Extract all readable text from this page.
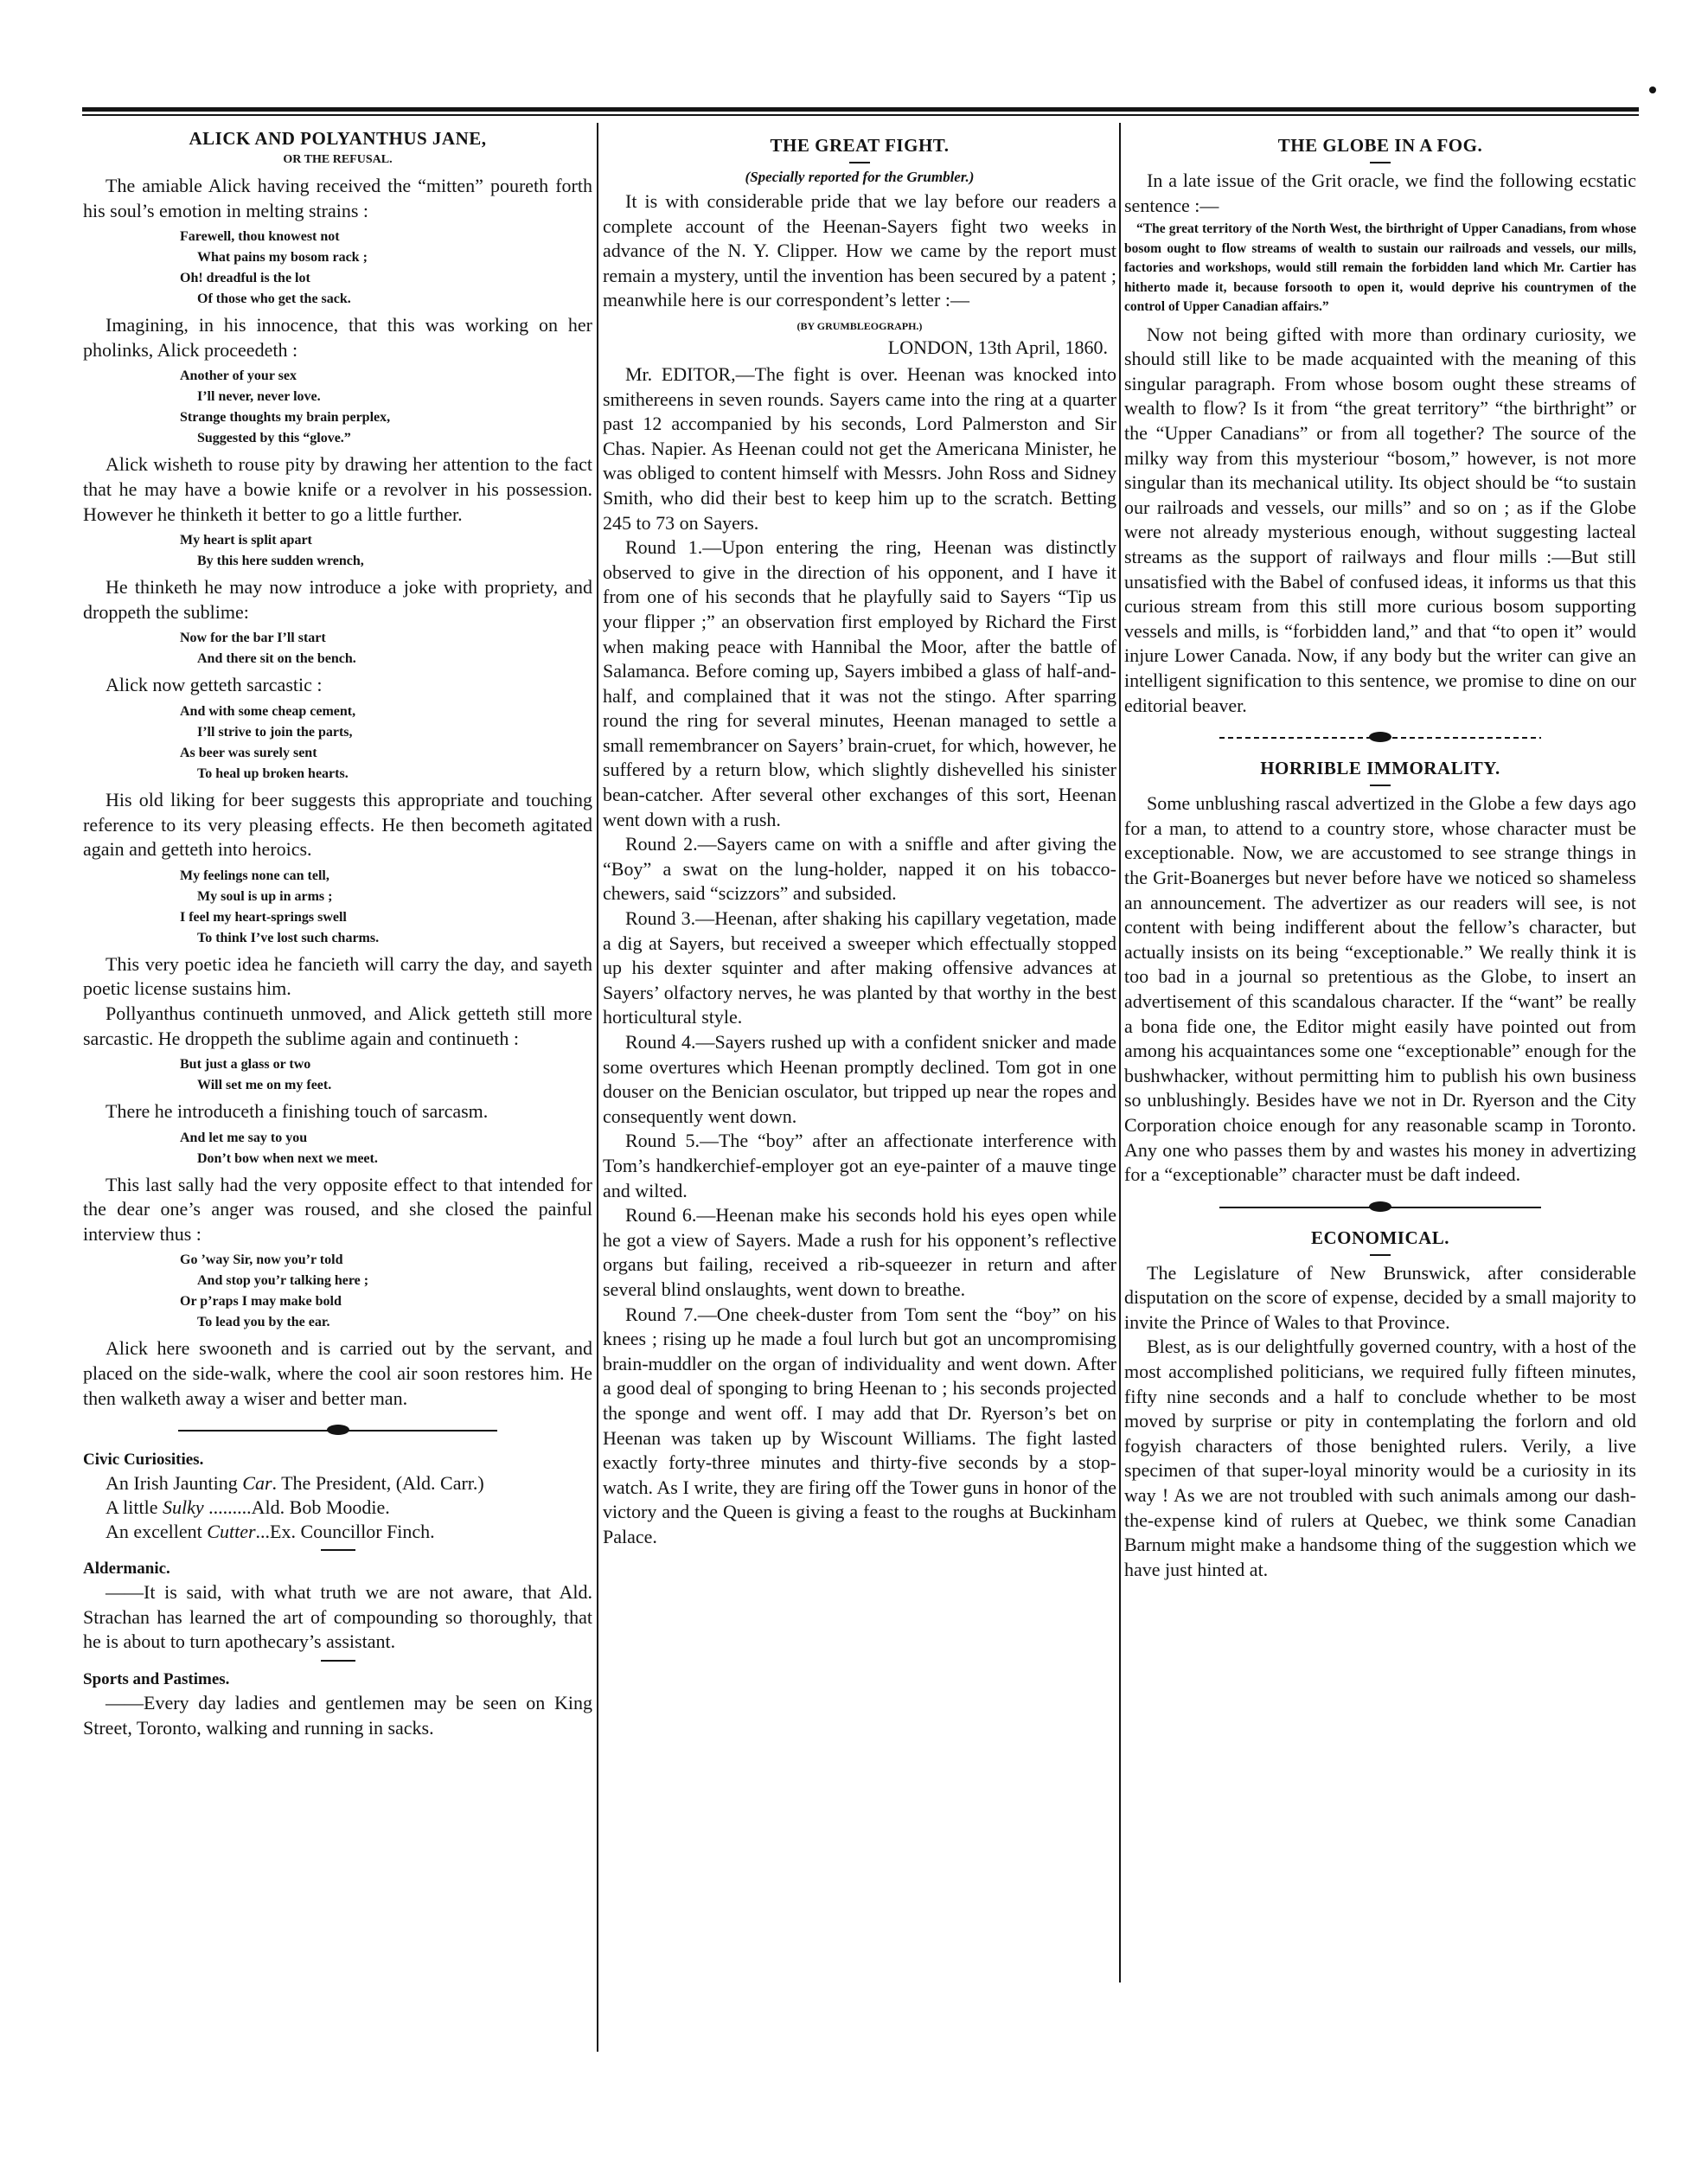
ALICK AND POLYANTHUS JANE,
OR THE REFUSAL.

The amiable Alick having received the “mitten” poureth forth his soul’s emotion in melting strains :

Farewell, thou knowest not
What pains my bosom rack ;
Oh! dreadful is the lot
Of those who get the sack.

Imagining, in his innocence, that this was working on her pholinks, Alick proceedeth :

Another of your sex
I’ll never, never love.
Strange thoughts my brain perplex,
Suggested by this “glove.”

Alick wisheth to rouse pity by drawing her attention to the fact that he may have a bowie knife or a revolver in his possession. However he thinketh it better to go a little further.

My heart is split apart
By this here sudden wrench,

He thinketh he may now introduce a joke with propriety, and droppeth the sublime:

Now for the bar I’ll start
And there sit on the bench.

Alick now getteth sarcastic :

And with some cheap cement,
I’ll strive to join the parts,
As beer was surely sent
To heal up broken hearts.

His old liking for beer suggests this appropriate and touching reference to its very pleasing effects. He then becometh agitated again and getteth into heroics.

My feelings none can tell,
My soul is up in arms ;
I feel my heart-springs swell
To think I’ve lost such charms.

This very poetic idea he fancieth will carry the day, and sayeth poetic license sustains him.

Pollyanthus continueth unmoved, and Alick getteth still more sarcastic. He droppeth the sublime again and continueth :

But just a glass or two
Will set me on my feet.

There he introduceth a finishing touch of sarcasm.

And let me say to you
Don’t bow when next we meet.

This last sally had the very opposite effect to that intended for the dear one’s anger was roused, and she closed the painful interview thus :

Go ’way Sir, now you’r told
And stop you’r talking here ;
Or p’raps I may make bold
To lead you by the ear.

Alick here swooneth and is carried out by the servant, and placed on the side-walk, where the cool air soon restores him. He then walketh away a wiser and better man.

Civic Curiosities.
An Irish Jaunting Car. The President, (Ald. Carr.)
A little Sulky .........Ald. Bob Moodie.
An excellent Cutter...Ex. Councillor Finch.
Aldermanic.

——It is said, with what truth we are not aware, that Ald. Strachan has learned the art of compounding so thoroughly, that he is about to turn apothecary’s assistant.

Sports and Pastimes.

——Every day ladies and gentlemen may be seen on King Street, Toronto, walking and running in sacks.

THE GREAT FIGHT.
(Specially reported for the Grumbler.)

It is with considerable pride that we lay before our readers a complete account of the Heenan-Sayers fight two weeks in advance of the N. Y. Clipper. How we came by the report must remain a mystery, until the invention has been secured by a patent ; meanwhile here is our correspondent’s letter :—

(BY GRUMBLEOGRAPH.)
LONDON, 13th April, 1860.

Mr. EDITOR,—The fight is over. Heenan was knocked into smithereens in seven rounds. Sayers came into the ring at a quarter past 12 accompanied by his seconds, Lord Palmerston and Sir Chas. Napier. As Heenan could not get the Americana Minister, he was obliged to content himself with Messrs. John Ross and Sidney Smith, who did their best to keep him up to the scratch. Betting 245 to 73 on Sayers.

Round 1.—Upon entering the ring, Heenan was distinctly observed to give in the direction of his opponent, and I have it from one of his seconds that he playfully said to Sayers “Tip us your flipper ;” an observation first employed by Richard the First when making peace with Hannibal the Moor, after the battle of Salamanca. Before coming up, Sayers imbibed a glass of half-and-half, and complained that it was not the stingo. After sparring round the ring for several minutes, Heenan managed to settle a small remembrancer on Sayers’ brain-cruet, for which, however, he suffered by a return blow, which slightly dishevelled his sinister bean-catcher. After several other exchanges of this sort, Heenan went down with a rush.

Round 2.—Sayers came on with a sniffle and after giving the “Boy” a swat on the lung-holder, napped it on his tobacco-chewers, said “scizzors” and subsided.

Round 3.—Heenan, after shaking his capillary vegetation, made a dig at Sayers, but received a sweeper which effectually stopped up his dexter squinter and after making offensive advances at Sayers’ olfactory nerves, he was planted by that worthy in the best horticultural style.

Round 4.—Sayers rushed up with a confident snicker and made some overtures which Heenan promptly declined. Tom got in one douser on the Benician osculator, but tripped up near the ropes and consequently went down.

Round 5.—The “boy” after an affectionate interference with Tom’s handkerchief-employer got an eye-painter of a mauve tinge and wilted.

Round 6.—Heenan make his seconds hold his eyes open while he got a view of Sayers. Made a rush for his opponent’s reflective organs but failing, received a rib-squeezer in return and after several blind onslaughts, went down to breathe.

Round 7.—One cheek-duster from Tom sent the “boy” on his knees ; rising up he made a foul lurch but got an uncompromising brain-muddler on the organ of individuality and went down. After a good deal of sponging to bring Heenan to ; his seconds projected the sponge and went off. I may add that Dr. Ryerson’s bet on Heenan was taken up by Wiscount Williams. The fight lasted exactly forty-three minutes and thirty-five seconds by a stop-watch. As I write, they are firing off the Tower guns in honor of the victory and the Queen is giving a feast to the roughs at Buckinham Palace.

THE GLOBE IN A FOG.

In a late issue of the Grit oracle, we find the following ecstatic sentence :—

“The great territory of the North West, the birthright of Upper Canadians, from whose bosom ought to flow streams of wealth to sustain our railroads and vessels, our mills, factories and workshops, would still remain the forbidden land which Mr. Cartier has hitherto made it, because forsooth to open it, would deprive his countrymen of the control of Upper Canadian affairs.”

Now not being gifted with more than ordinary curiosity, we should still like to be made acquainted with the meaning of this singular paragraph. From whose bosom ought these streams of wealth to flow? Is it from “the great territory” “the birthright” or the “Upper Canadians” or from all together? The source of the milky way from this mysteriour “bosom,” however, is not more singular than its mechanical utility. Its object should be “to sustain our railroads and vessels, our mills” and so on ; as if the Globe were not already mysterious enough, without suggesting lacteal streams as the support of railways and flour mills :—But still unsatisfied with the Babel of confused ideas, it informs us that this curious stream from this still more curious bosom supporting vessels and mills, is “forbidden land,” and that “to open it” would injure Lower Canada. Now, if any body but the writer can give an intelligent signification to this sentence, we promise to dine on our editorial beaver.

HORRIBLE IMMORALITY.

Some unblushing rascal advertized in the Globe a few days ago for a man, to attend to a country store, whose character must be exceptionable. Now, we are accustomed to see strange things in the Grit-Boanerges but never before have we noticed so shameless an announcement. The advertizer as our readers will see, is not content with being indifferent about the fellow’s character, but actually insists on its being “exceptionable.” We really think it is too bad in a journal so pretentious as the Globe, to insert an advertisement of this scandalous character. If the “want” be really a bona fide one, the Editor might easily have pointed out from among his acquaintances some one “exceptionable” enough for the bushwhacker, without permitting him to publish his own business so unblushingly. Besides have we not in Dr. Ryerson and the City Corporation choice enough for any reasonable scamp in Toronto. Any one who passes them by and wastes his money in advertizing for a “exceptionable” character must be daft indeed.

ECONOMICAL.

The Legislature of New Brunswick, after considerable disputation on the score of expense, decided by a small majority to invite the Prince of Wales to that Province.

Blest, as is our delightfully governed country, with a host of the most accomplished politicians, we required fully fifteen minutes, fifty nine seconds and a half to conclude whether to be most moved by surprise or pity in contemplating the forlorn and old fogyish characters of those benighted rulers. Verily, a live specimen of that super-loyal minority would be a curiosity in its way ! As we are not troubled with such animals among our dash-the-expense kind of rulers at Quebec, we think some Canadian Barnum might make a handsome thing of the suggestion which we have just hinted at.
